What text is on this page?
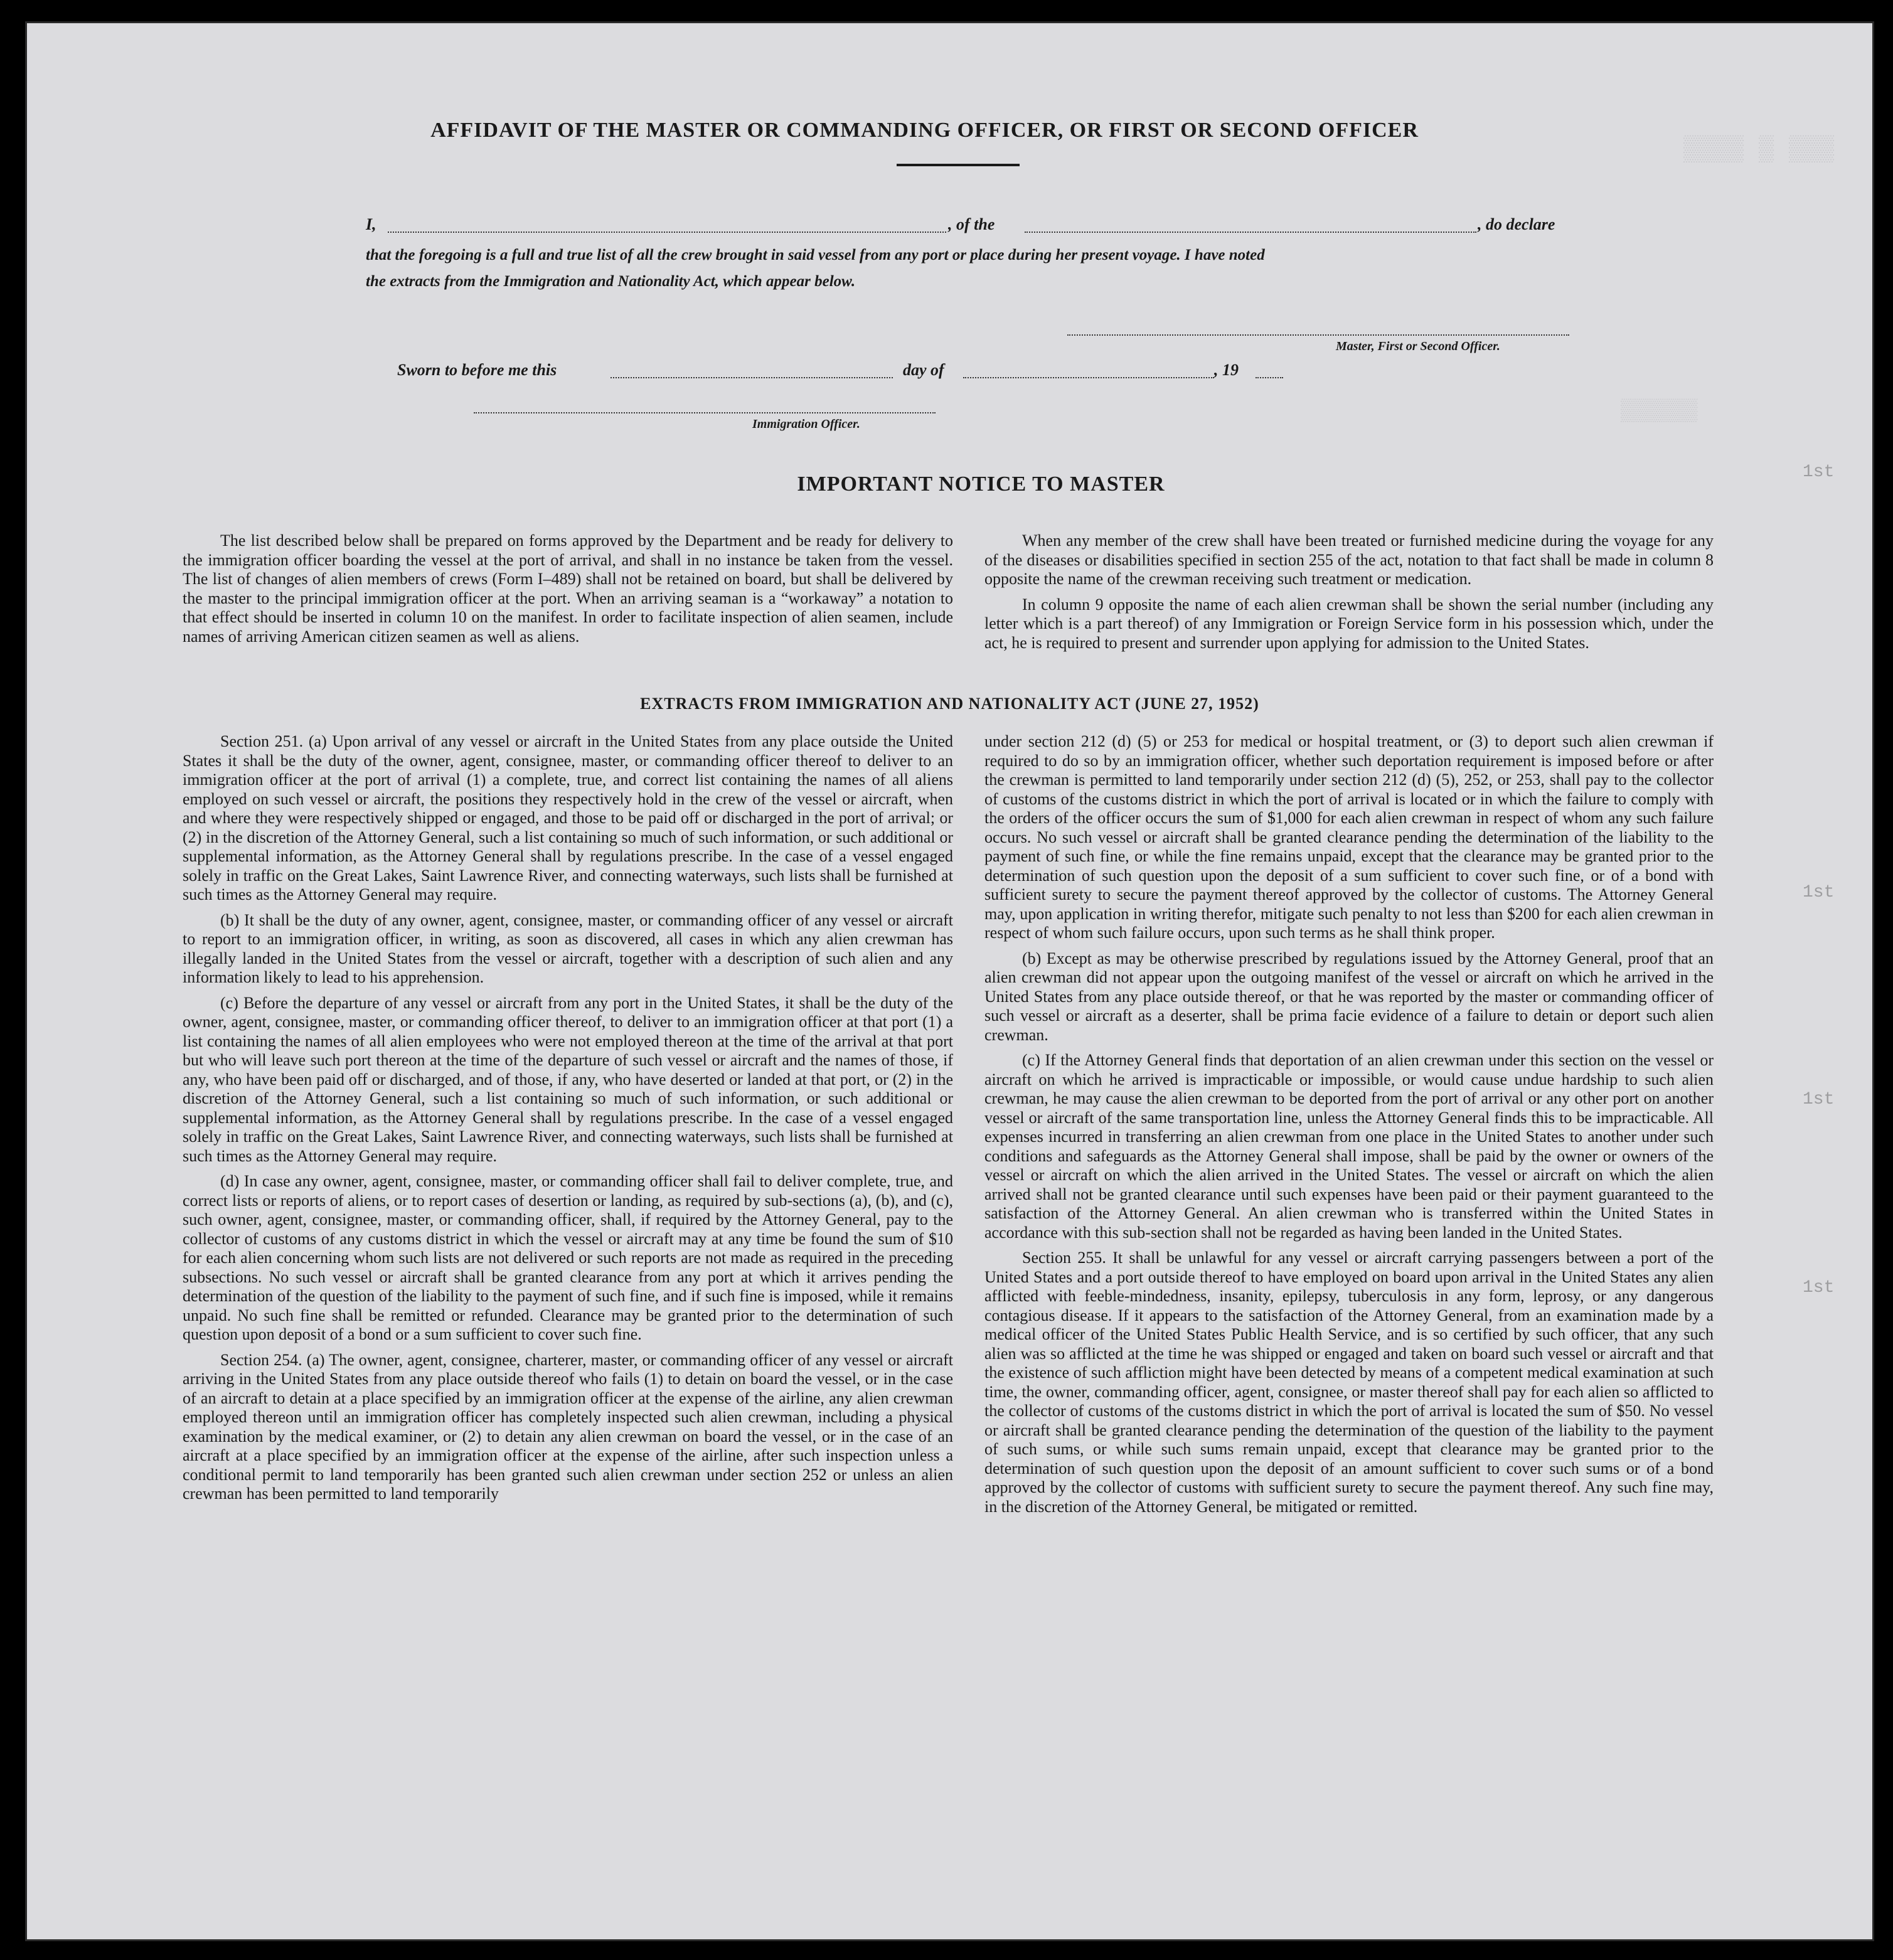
▒▒▒▒ ▒ ▒▒▒
▒▒▒▒▒▒
AFFIDAVIT OF THE MASTER OR COMMANDING OFFICER, OR FIRST OR SECOND OFFICER
I,	, of the	, do declare
that the foregoing is a full and true list of all the crew brought in said vessel from any port or place during her present voyage. I have noted
the extracts from the Immigration and Nationality Act, which appear below.
Master, First or Second Officer.
Sworn to before me this	day of	, 19
Immigration Officer.
IMPORTANT NOTICE TO MASTER

The list described below shall be prepared on forms approved by the Department and be ready for delivery to the immigration officer boarding the vessel at the port of arrival, and shall in no instance be taken from the vessel. The list of changes of alien members of crews (Form I–489) shall not be retained on board, but shall be delivered by the master to the principal immigration officer at the port. When an arriving seaman is a “workaway” a notation to that effect should be inserted in column 10 on the manifest. In order to facilitate inspection of alien seamen, include names of arriving American citizen seamen as well as aliens.

When any member of the crew shall have been treated or furnished medicine during the voyage for any of the diseases or disabilities specified in section 255 of the act, notation to that fact shall be made in column 8 opposite the name of the crewman receiving such treatment or medication.

In column 9 opposite the name of each alien crewman shall be shown the serial number (including any letter which is a part thereof) of any Immigration or Foreign Service form in his possession which, under the act, he is required to present and surrender upon applying for admission to the United States.

EXTRACTS FROM IMMIGRATION AND NATIONALITY ACT (JUNE 27, 1952)

Section 251. (a) Upon arrival of any vessel or aircraft in the United States from any place outside the United States it shall be the duty of the owner, agent, consignee, master, or commanding officer thereof to deliver to an immigration officer at the port of arrival (1) a complete, true, and correct list containing the names of all aliens employed on such vessel or aircraft, the positions they respectively hold in the crew of the vessel or aircraft, when and where they were respectively shipped or engaged, and those to be paid off or discharged in the port of arrival; or (2) in the discretion of the Attorney General, such a list containing so much of such information, or such additional or supplemental information, as the Attorney General shall by regulations prescribe. In the case of a vessel engaged solely in traffic on the Great Lakes, Saint Lawrence River, and connecting waterways, such lists shall be furnished at such times as the Attorney General may require.

(b) It shall be the duty of any owner, agent, consignee, master, or commanding officer of any vessel or aircraft to report to an immigration officer, in writing, as soon as discovered, all cases in which any alien crewman has illegally landed in the United States from the vessel or aircraft, together with a description of such alien and any information likely to lead to his apprehension.

(c) Before the departure of any vessel or aircraft from any port in the United States, it shall be the duty of the owner, agent, consignee, master, or commanding officer thereof, to deliver to an immigration officer at that port (1) a list containing the names of all alien employees who were not employed thereon at the time of the arrival at that port but who will leave such port thereon at the time of the departure of such vessel or aircraft and the names of those, if any, who have been paid off or discharged, and of those, if any, who have deserted or landed at that port, or (2) in the discretion of the Attorney General, such a list containing so much of such information, or such additional or supplemental information, as the Attorney General shall by regulations prescribe. In the case of a vessel engaged solely in traffic on the Great Lakes, Saint Lawrence River, and connecting waterways, such lists shall be furnished at such times as the Attorney General may require.

(d) In case any owner, agent, consignee, master, or commanding officer shall fail to deliver complete, true, and correct lists or reports of aliens, or to report cases of desertion or landing, as required by sub-sections (a), (b), and (c), such owner, agent, consignee, master, or commanding officer, shall, if required by the Attorney General, pay to the collector of customs of any customs district in which the vessel or aircraft may at any time be found the sum of $10 for each alien concerning whom such lists are not delivered or such reports are not made as required in the preceding subsections. No such vessel or aircraft shall be granted clearance from any port at which it arrives pending the determination of the question of the liability to the payment of such fine, and if such fine is imposed, while it remains unpaid. No such fine shall be remitted or refunded. Clearance may be granted prior to the determination of such question upon deposit of a bond or a sum sufficient to cover such fine.

Section 254. (a) The owner, agent, consignee, charterer, master, or commanding officer of any vessel or aircraft arriving in the United States from any place outside thereof who fails (1) to detain on board the vessel, or in the case of an aircraft to detain at a place specified by an immigration officer at the expense of the airline, any alien crewman employed thereon until an immigration officer has completely inspected such alien crewman, including a physical examination by the medical examiner, or (2) to detain any alien crewman on board the vessel, or in the case of an aircraft at a place specified by an immigration officer at the expense of the airline, after such inspection unless a conditional permit to land temporarily has been granted such alien crewman under section 252 or unless an alien crewman has been permitted to land temporarily

under section 212 (d) (5) or 253 for medical or hospital treatment, or (3) to deport such alien crewman if required to do so by an immigration officer, whether such deportation requirement is imposed before or after the crewman is permitted to land temporarily under section 212 (d) (5), 252, or 253, shall pay to the collector of customs of the customs district in which the port of arrival is located or in which the failure to comply with the orders of the officer occurs the sum of $1,000 for each alien crewman in respect of whom any such failure occurs. No such vessel or aircraft shall be granted clearance pending the determination of the liability to the payment of such fine, or while the fine remains unpaid, except that the clearance may be granted prior to the determination of such question upon the deposit of a sum sufficient to cover such fine, or of a bond with sufficient surety to secure the payment thereof approved by the collector of customs. The Attorney General may, upon application in writing therefor, mitigate such penalty to not less than $200 for each alien crewman in respect of whom such failure occurs, upon such terms as he shall think proper.

(b) Except as may be otherwise prescribed by regulations issued by the Attorney General, proof that an alien crewman did not appear upon the outgoing manifest of the vessel or aircraft on which he arrived in the United States from any place outside thereof, or that he was reported by the master or commanding officer of such vessel or aircraft as a deserter, shall be prima facie evidence of a failure to detain or deport such alien crewman.

(c) If the Attorney General finds that deportation of an alien crewman under this section on the vessel or aircraft on which he arrived is impracticable or impossible, or would cause undue hardship to such alien crewman, he may cause the alien crewman to be deported from the port of arrival or any other port on another vessel or aircraft of the same transportation line, unless the Attorney General finds this to be impracticable. All expenses incurred in transferring an alien crewman from one place in the United States to another under such conditions and safeguards as the Attorney General shall impose, shall be paid by the owner or owners of the vessel or aircraft on which the alien arrived in the United States. The vessel or aircraft on which the alien arrived shall not be granted clearance until such expenses have been paid or their payment guaranteed to the satisfaction of the Attorney General. An alien crewman who is transferred within the United States in accordance with this sub-section shall not be regarded as having been landed in the United States.

Section 255. It shall be unlawful for any vessel or aircraft carrying passengers between a port of the United States and a port outside thereof to have employed on board upon arrival in the United States any alien afflicted with feeble-mindedness, insanity, epilepsy, tuberculosis in any form, leprosy, or any dangerous contagious disease. If it appears to the satisfaction of the Attorney General, from an examination made by a medical officer of the United States Public Health Service, and is so certified by such officer, that any such alien was so afflicted at the time he was shipped or engaged and taken on board such vessel or aircraft and that the existence of such affliction might have been detected by means of a competent medical examination at such time, the owner, commanding officer, agent, consignee, or master thereof shall pay for each alien so afflicted to the collector of customs of the customs district in which the port of arrival is located the sum of $50. No vessel or aircraft shall be granted clearance pending the determination of the question of the liability to the payment of such sums, or while such sums remain unpaid, except that clearance may be granted prior to the determination of such question upon the deposit of an amount sufficient to cover such sums or of a bond approved by the collector of customs with sufficient surety to secure the payment thereof. Any such fine may, in the discretion of the Attorney General, be mitigated or remitted.

1st
1st
1st
1st
